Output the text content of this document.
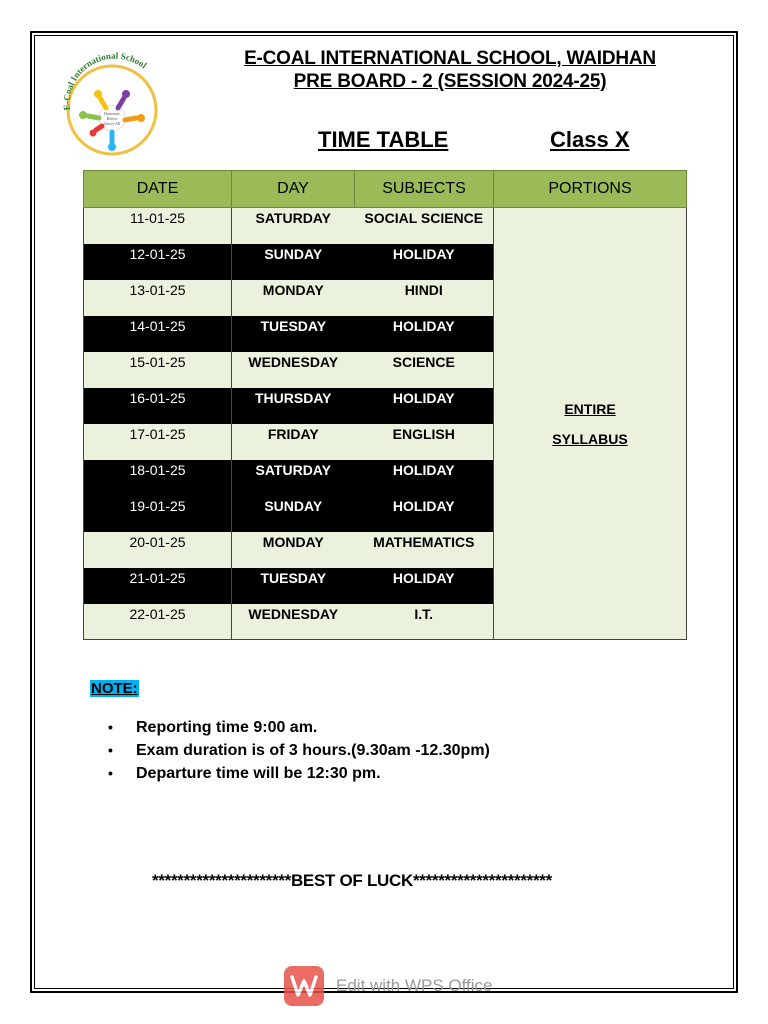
E-Coal International School
Humanity
Before
Above All
E-COAL INTERNATIONAL SCHOOL, WAIDHAN
PRE BOARD - 2 (SESSION 2024-25)
TIME TABLE	Class X
DATE	DAY	SUBJECTS	PORTIONS
11-01-25	SATURDAY	SOCIAL SCIENCE	ENTIRE SYLLABUS
12-01-25	SUNDAY	HOLIDAY	
13-01-25	MONDAY	HINDI	
14-01-25	TUESDAY	HOLIDAY	
15-01-25	WEDNESDAY	SCIENCE	
16-01-25	THURSDAY	HOLIDAY	
17-01-25	FRIDAY	ENGLISH	
18-01-25	SATURDAY	HOLIDAY	
19-01-25	SUNDAY	HOLIDAY	
20-01-25	MONDAY	MATHEMATICS	
21-01-25	TUESDAY	HOLIDAY	
22-01-25	WEDNESDAY	I.T.	
NOTE:
• Reporting time 9:00 am.
• Exam duration is of 3 hours.(9.30am -12.30pm)
• Departure time will be 12:30 pm.
**********************BEST OF LUCK**********************
Edit with WPS Office
